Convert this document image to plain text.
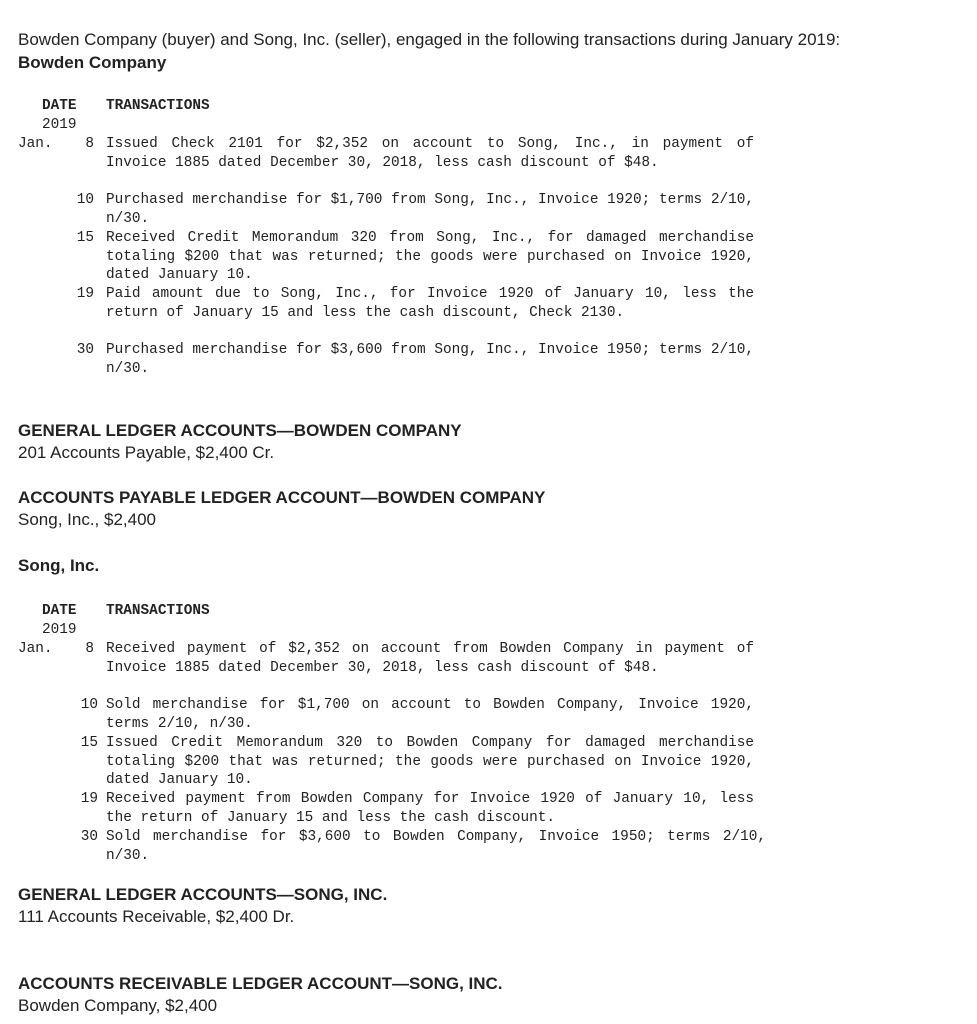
Bowden Company (buyer) and Song, Inc. (seller), engaged in the following transactions during January 2019:
Bowden Company
DATE TRANSACTIONS
2019
Jan.	8 Issued Check 2101 for $2,352 on account to Song, Inc., in payment of Invoice 1885 dated December 30, 2018, less cash discount of $48.
10 Purchased merchandise for $1,700 from Song, Inc., Invoice 1920; terms 2/10, n/30.
15 Received Credit Memorandum 320 from Song, Inc., for damaged merchandise totaling $200 that was returned; the goods were purchased on Invoice 1920, dated January 10.
19 Paid amount due to Song, Inc., for Invoice 1920 of January 10, less the return of January 15 and less the cash discount, Check 2130.
30 Purchased merchandise for $3,600 from Song, Inc., Invoice 1950; terms 2/10, n/30.
GENERAL LEDGER ACCOUNTS—BOWDEN COMPANY
201 Accounts Payable, $2,400 Cr.
ACCOUNTS PAYABLE LEDGER ACCOUNT—BOWDEN COMPANY
Song, Inc., $2,400
Song, Inc.
DATE TRANSACTIONS
2019
Jan.	8 Received payment of $2,352 on account from Bowden Company in payment of Invoice 1885 dated December 30, 2018, less cash discount of $48.
10 Sold merchandise for $1,700 on account to Bowden Company, Invoice 1920, terms 2/10, n/30.
15 Issued Credit Memorandum 320 to Bowden Company for damaged merchandise totaling $200 that was returned; the goods were purchased on Invoice 1920, dated January 10.
19 Received payment from Bowden Company for Invoice 1920 of January 10, less the return of January 15 and less the cash discount.
30 Sold merchandise for $3,600 to Bowden Company, Invoice 1950; terms 2/10, n/30.
GENERAL LEDGER ACCOUNTS—SONG, INC.
111 Accounts Receivable, $2,400 Dr.
ACCOUNTS RECEIVABLE LEDGER ACCOUNT—SONG, INC.
Bowden Company, $2,400
